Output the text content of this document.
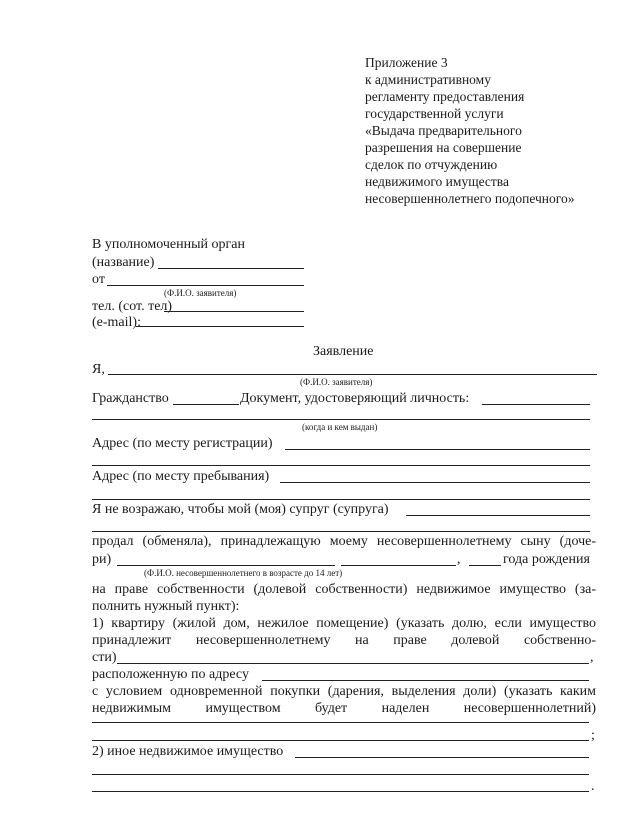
Приложение 3
к административному
регламенту предоставления
государственной услуги
«Выдача предварительного
разрешения на совершение
сделок по отчуждению
недвижимого имущества
несовершеннолетнего подопечного»
В уполномоченный орган
(название)
от
(Ф.И.О. заявителя)
тел. (сот. тел)
(e-mail):
Заявление
Я,
(Ф.И.О. заявителя)
Гражданство	Документ, удостоверяющий личность:
(когда и кем выдан)
Адрес (по месту регистрации)
Адрес (по месту пребывания)
Я не возражаю, чтобы мой (моя) супруг (супруга)
продал (обменяла), принадлежащую моему несовершеннолетнему сыну (доче-
ри)	,	года рождения
(Ф.И.О. несовершеннолетнего в возрасте до 14 лет)
на праве собственности (долевой собственности) недвижимое имущество (за-
полнить нужный пункт):
1) квартиру (жилой дом, нежилое помещение) (указать долю, если имущество
принадлежит несовершеннолетнему на праве долевой собственно-
сти)	,
расположенную по адресу
с условием одновременной покупки (дарения, выделения доли) (указать каким
недвижимым имуществом будет наделен несовершеннолетний)
;
2) иное недвижимое имущество
.
